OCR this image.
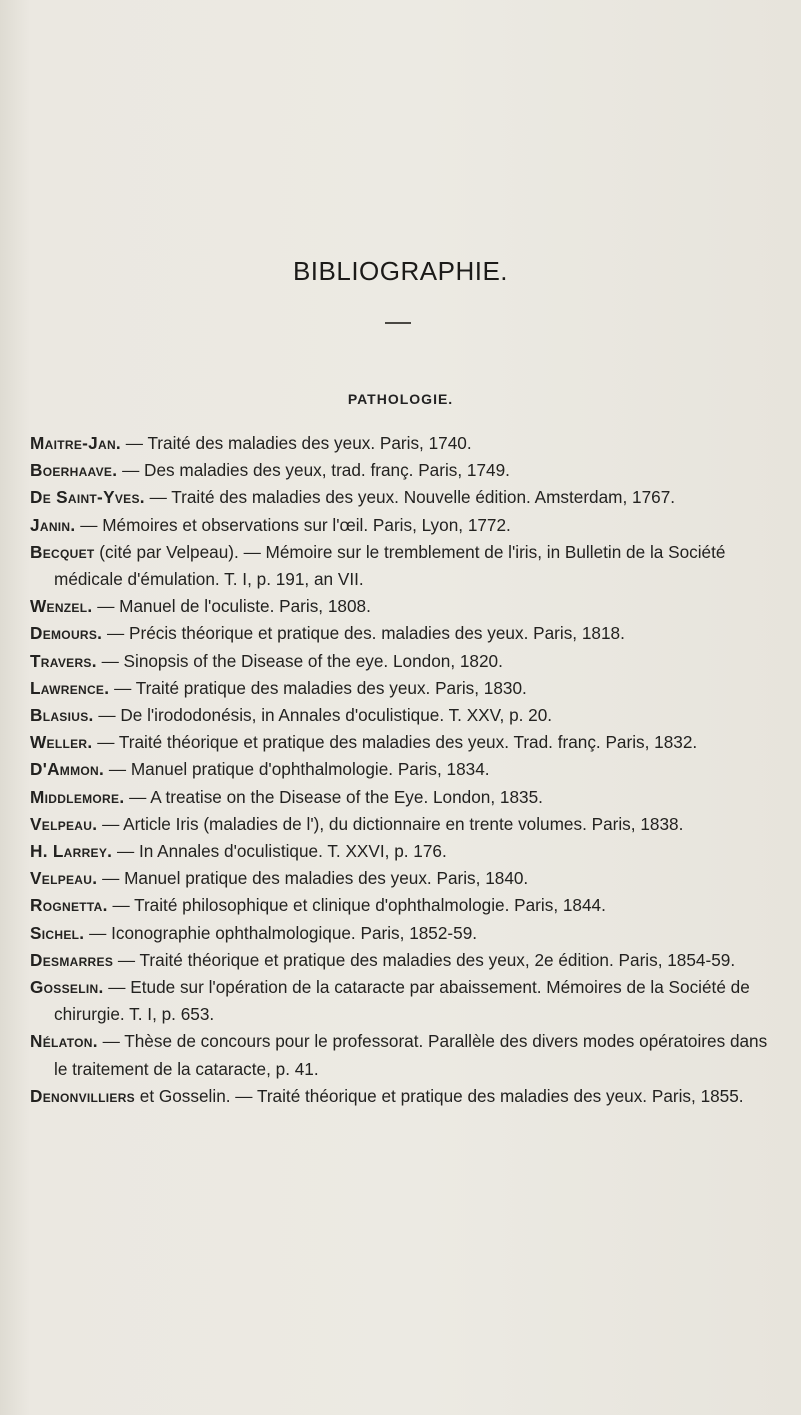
BIBLIOGRAPHIE.
PATHOLOGIE.

Maitre-Jan. — Traité des maladies des yeux. Paris, 1740.

Boerhaave. — Des maladies des yeux, trad. franç. Paris, 1749.

De Saint-Yves. — Traité des maladies des yeux. Nouvelle édition. Amsterdam, 1767.

Janin. — Mémoires et observations sur l'œil. Paris, Lyon, 1772.

Becquet (cité par Velpeau). — Mémoire sur le tremblement de l'iris, in Bulletin de la Société médicale d'émulation. T. I, p. 191, an VII.

Wenzel. — Manuel de l'oculiste. Paris, 1808.

Demours. — Précis théorique et pratique des. maladies des yeux. Paris, 1818.

Travers. — Sinopsis of the Disease of the eye. London, 1820.

Lawrence. — Traité pratique des maladies des yeux. Paris, 1830.

Blasius. — De l'irododonésis, in Annales d'oculistique. T. XXV, p. 20.

Weller. — Traité théorique et pratique des maladies des yeux. Trad. franç. Paris, 1832.

D'Ammon. — Manuel pratique d'ophthalmologie. Paris, 1834.

Middlemore. — A treatise on the Disease of the Eye. London, 1835.

Velpeau. — Article Iris (maladies de l'), du dictionnaire en trente volumes. Paris, 1838.

H. Larrey. — In Annales d'oculistique. T. XXVI, p. 176.

Velpeau. — Manuel pratique des maladies des yeux. Paris, 1840.

Rognetta. — Traité philosophique et clinique d'ophthalmologie. Paris, 1844.

Sichel. — Iconographie ophthalmologique. Paris, 1852-59.

Desmarres — Traité théorique et pratique des maladies des yeux, 2e édition. Paris, 1854-59.

Gosselin. — Etude sur l'opération de la cataracte par abaissement. Mémoires de la Société de chirurgie. T. I, p. 653.

Nélaton. — Thèse de concours pour le professorat. Parallèle des divers modes opératoires dans le traitement de la cataracte, p. 41.

Denonvilliers et Gosselin. — Traité théorique et pratique des maladies des yeux. Paris, 1855.
